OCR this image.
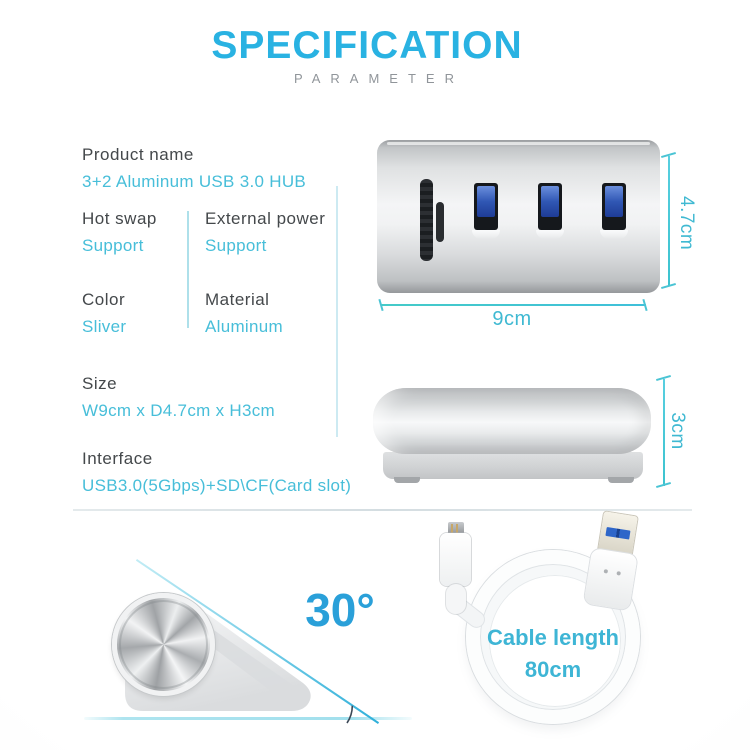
SPECIFICATION
PARAMETER
Product name
3+2 Aluminum USB 3.0 HUB
Hot swap
Support
External power
Support
Color
Sliver
Material
Aluminum
Size
W9cm x D4.7cm x H3cm
Interface
USB3.0(5Gbps)+SD\CF(Card slot)
4.7cm
9cm
3cm
30°
Cable length
80cm
